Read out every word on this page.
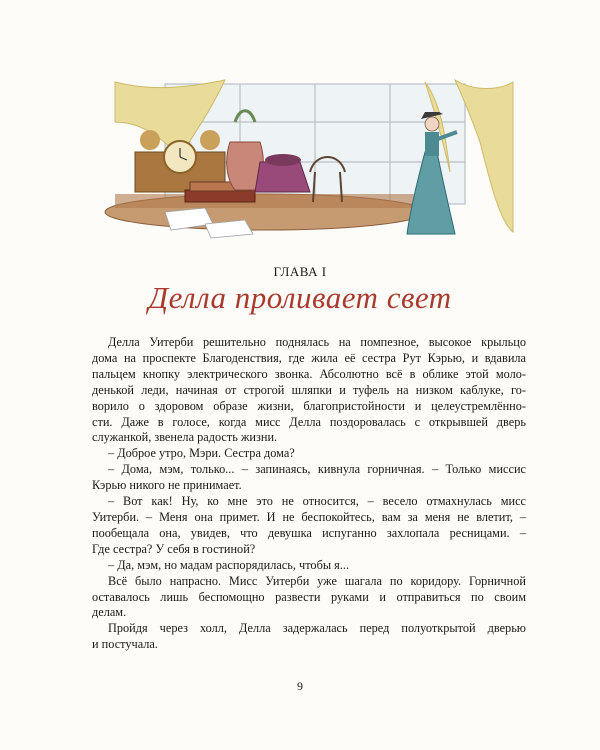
ГЛАВА I
Делла проливает свет
Делла Уитерби решительно поднялась на помпезное, высокое крыльцо
дома на проспекте Благоденствия, где жила её сестра Рут Кэрью, и вдавила
пальцем кнопку электрического звонка. Абсолютно всё в облике этой моло-
денькой леди, начиная от строгой шляпки и туфель на низком каблуке, го-
ворило о здоровом образе жизни, благопристойности и целеустремлённо-
сти. Даже в голосе, когда мисс Делла поздоровалась с открывшей дверь
служанкой, звенела радость жизни.
– Доброе утро, Мэри. Сестра дома?
– Дома, мэм, только... – запинаясь, кивнула горничная. – Только миссис
Кэрью никого не принимает.
– Вот как! Ну, ко мне это не относится, – весело отмахнулась мисс
Уитерби. – Меня она примет. И не беспокойтесь, вам за меня не влетит, –
пообещала она, увидев, что девушка испуганно захлопала ресницами. –
Где сестра? У себя в гостиной?
– Да, мэм, но мадам распорядилась, чтобы я...
Всё было напрасно. Мисс Уитерби уже шагала по коридору. Горничной
оставалось лишь беспомощно развести руками и отправиться по своим
делам.
Пройдя через холл, Делла задержалась перед полуоткрытой дверью
и постучала.
9
